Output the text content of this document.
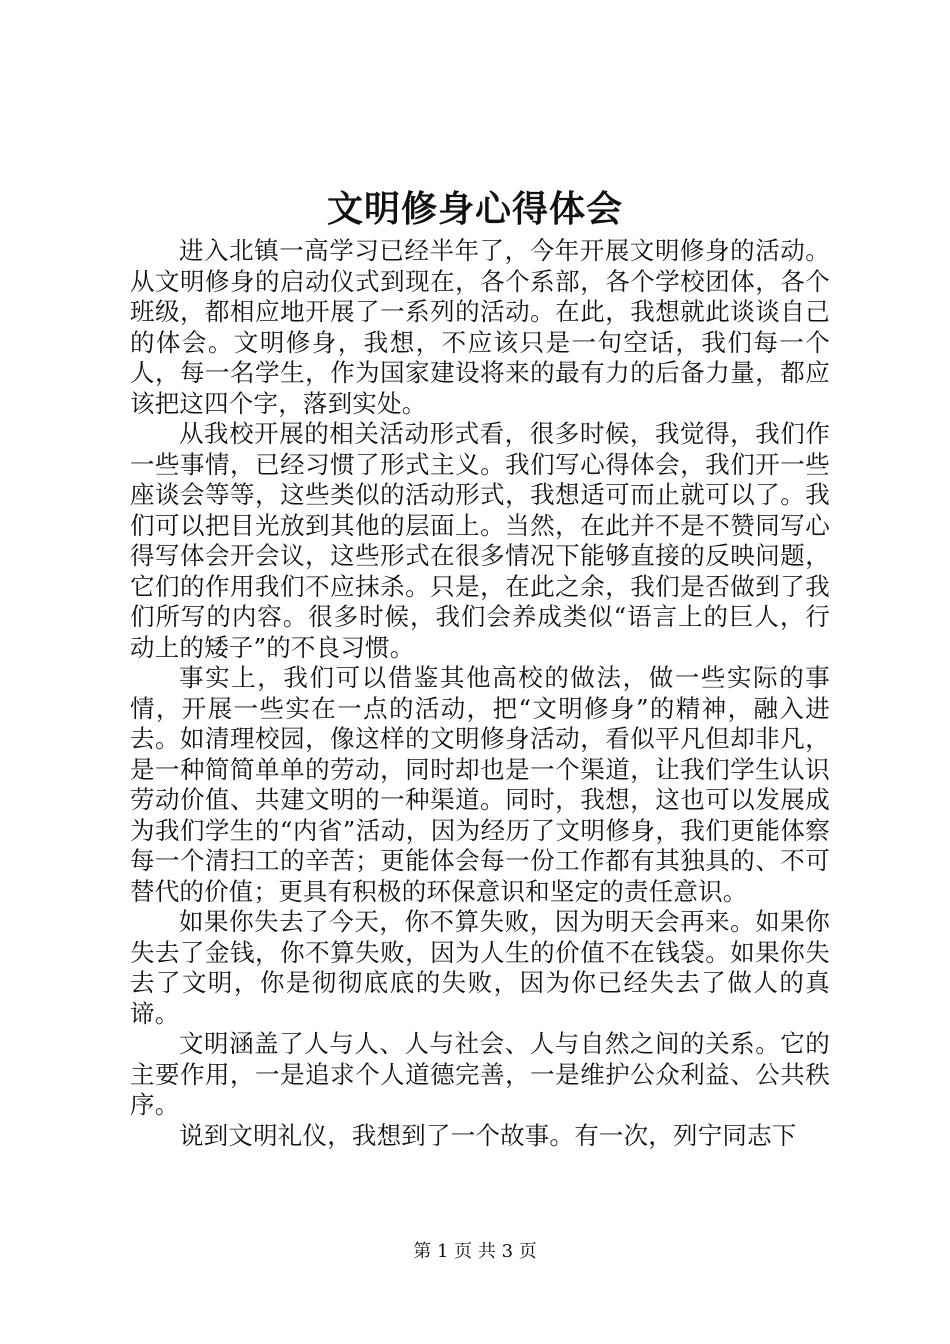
文明修身心得体会

进入北镇一高学习已经半年了，今年开展文明修身的活动。从文明修身的启动仪式到现在，各个系部，各个学校团体，各个班级，都相应地开展了一系列的活动。在此，我想就此谈谈自己的体会。文明修身，我想，不应该只是一句空话，我们每一个人，每一名学生，作为国家建设将来的最有力的后备力量，都应该把这四个字，落到实处。

从我校开展的相关活动形式看，很多时候，我觉得，我们作一些事情，已经习惯了形式主义。我们写心得体会，我们开一些座谈会等等，这些类似的活动形式，我想适可而止就可以了。我们可以把目光放到其他的层面上。当然，在此并不是不赞同写心得写体会开会议，这些形式在很多情况下能够直接的反映问题，它们的作用我们不应抹杀。只是，在此之余，我们是否做到了我们所写的内容。很多时候，我们会养成类似“语言上的巨人，行动上的矮子”的不良习惯。

事实上，我们可以借鉴其他高校的做法，做一些实际的事情，开展一些实在一点的活动，把“文明修身”的精神，融入进去。如清理校园，像这样的文明修身活动，看似平凡但却非凡，是一种简简单单的劳动，同时却也是一个渠道，让我们学生认识劳动价值、共建文明的一种渠道。同时，我想，这也可以发展成为我们学生的“内省”活动，因为经历了文明修身，我们更能体察每一个清扫工的辛苦；更能体会每一份工作都有其独具的、不可替代的价值；更具有积极的环保意识和坚定的责任意识。

如果你失去了今天，你不算失败，因为明天会再来。如果你失去了金钱，你不算失败，因为人生的价值不在钱袋。如果你失去了文明，你是彻彻底底的失败，因为你已经失去了做人的真谛。

文明涵盖了人与人、人与社会、人与自然之间的关系。它的主要作用，一是追求个人道德完善，一是维护公众利益、公共秩序。

说到文明礼仪，我想到了一个故事。有一次，列宁同志下

第 1 页 共 3 页
